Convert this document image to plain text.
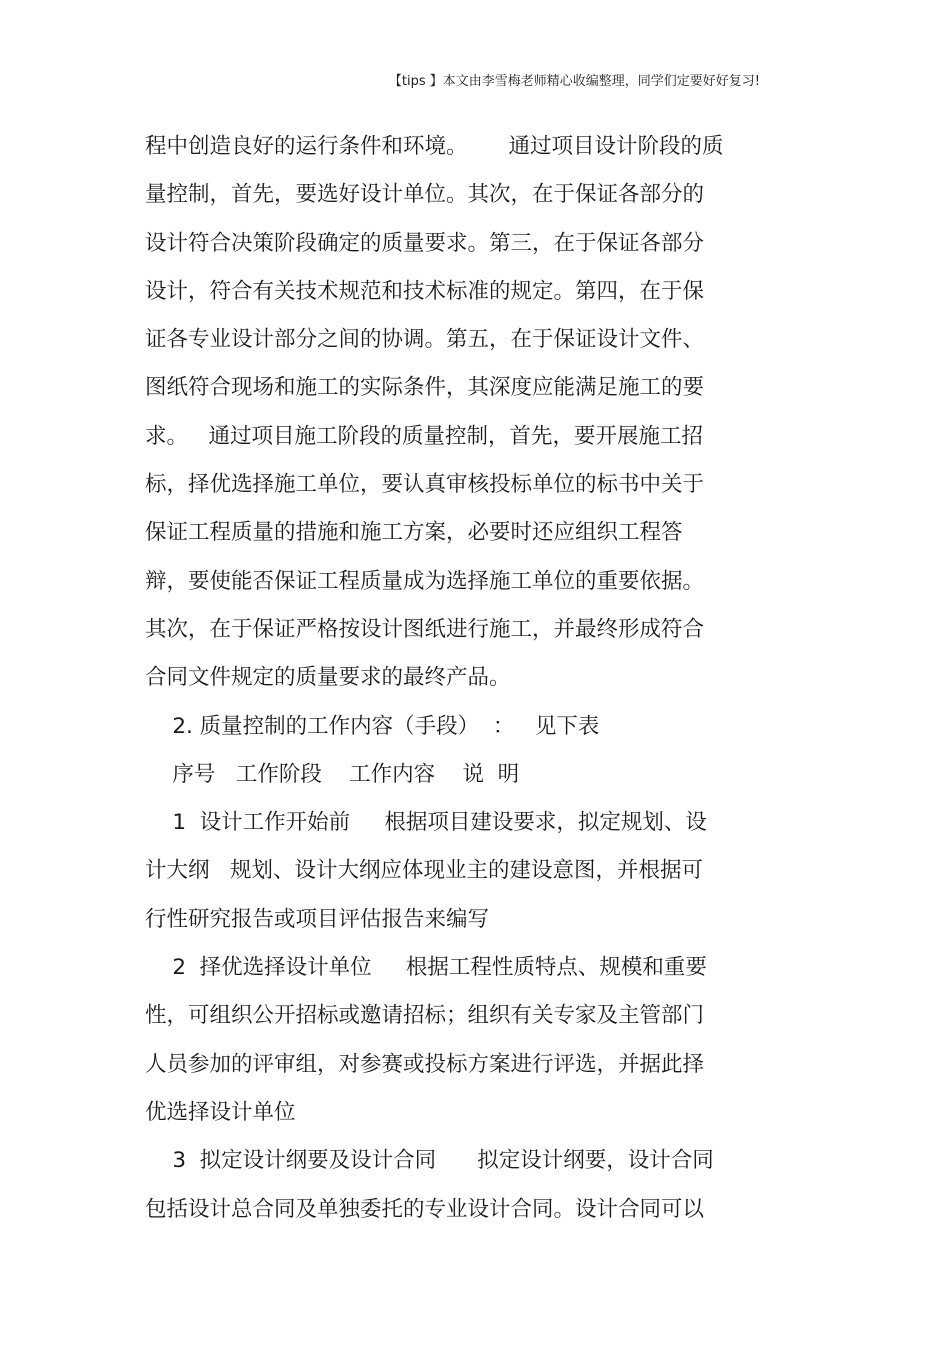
【tips 】本文由李雪梅老师精心收编整理，同学们定要好好复习!
程中创造良好的运行条件和环境。      通过项目设计阶段的质
量控制，首先，要选好设计单位。其次，在于保证各部分的
设计符合决策阶段确定的质量要求。第三，在于保证各部分
设计，符合有关技术规范和技术标准的规定。第四，在于保
证各专业设计部分之间的协调。第五，在于保证设计文件、
图纸符合现场和施工的实际条件，其深度应能满足施工的要
求。   通过项目施工阶段的质量控制，首先，要开展施工招
标，择优选择施工单位，要认真审核投标单位的标书中关于
保证工程质量的措施和施工方案，必要时还应组织工程答
辩，要使能否保证工程质量成为选择施工单位的重要依据。
其次，在于保证严格按设计图纸进行施工，并最终形成符合
合同文件规定的质量要求的最终产品。
2. 质量控制的工作内容（手段）  ：   见下表
序号   工作阶段    工作内容    说  明
1  设计工作开始前     根据项目建设要求，拟定规划、设
计大纲   规划、设计大纲应体现业主的建设意图，并根据可
行性研究报告或项目评估报告来编写
2  择优选择设计单位     根据工程性质特点、规模和重要
性，可组织公开招标或邀请招标；组织有关专家及主管部门
人员参加的评审组，对参赛或投标方案进行评选，并据此择
优选择设计单位
3  拟定设计纲要及设计合同      拟定设计纲要，设计合同
包括设计总合同及单独委托的专业设计合同。设计合同可以
